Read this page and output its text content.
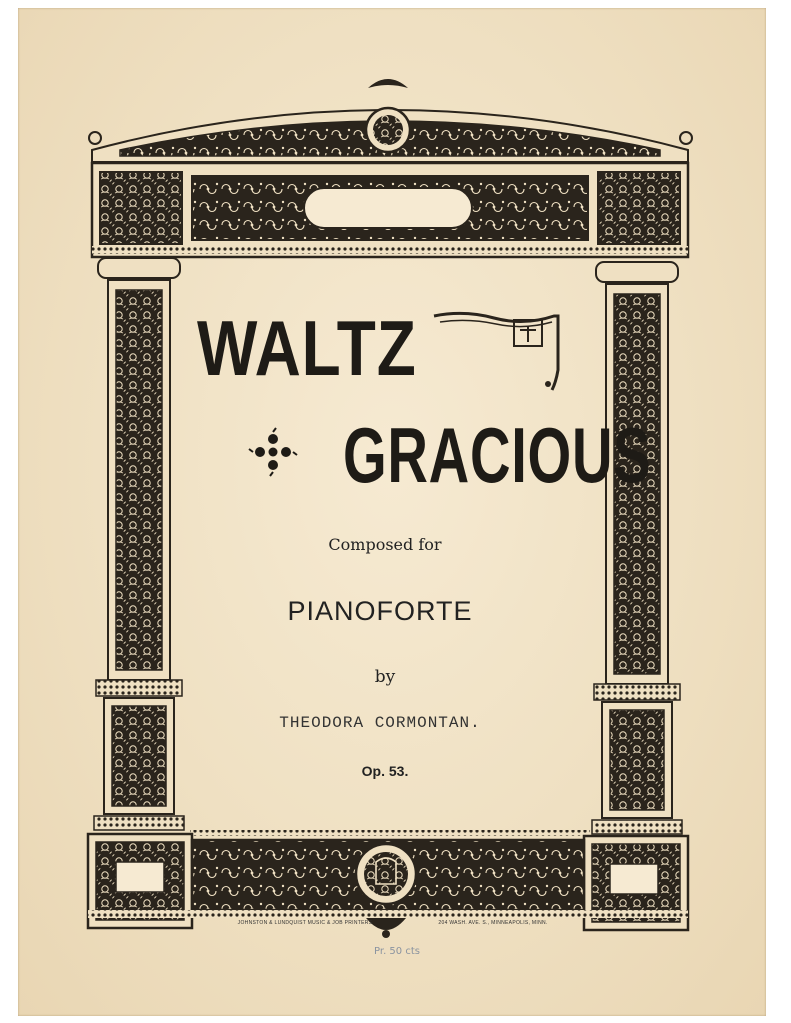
WALTZ
GRACIOUS
Composed for
PIANOFORTE
by
THEODORA CORMONTAN.
Op. 53.
JOHNSTON & LUNDQUIST MUSIC & JOB PRINTERS	204 WASH. AVE. S., MINNEAPOLIS, MINN.
Pr. 50 cts
